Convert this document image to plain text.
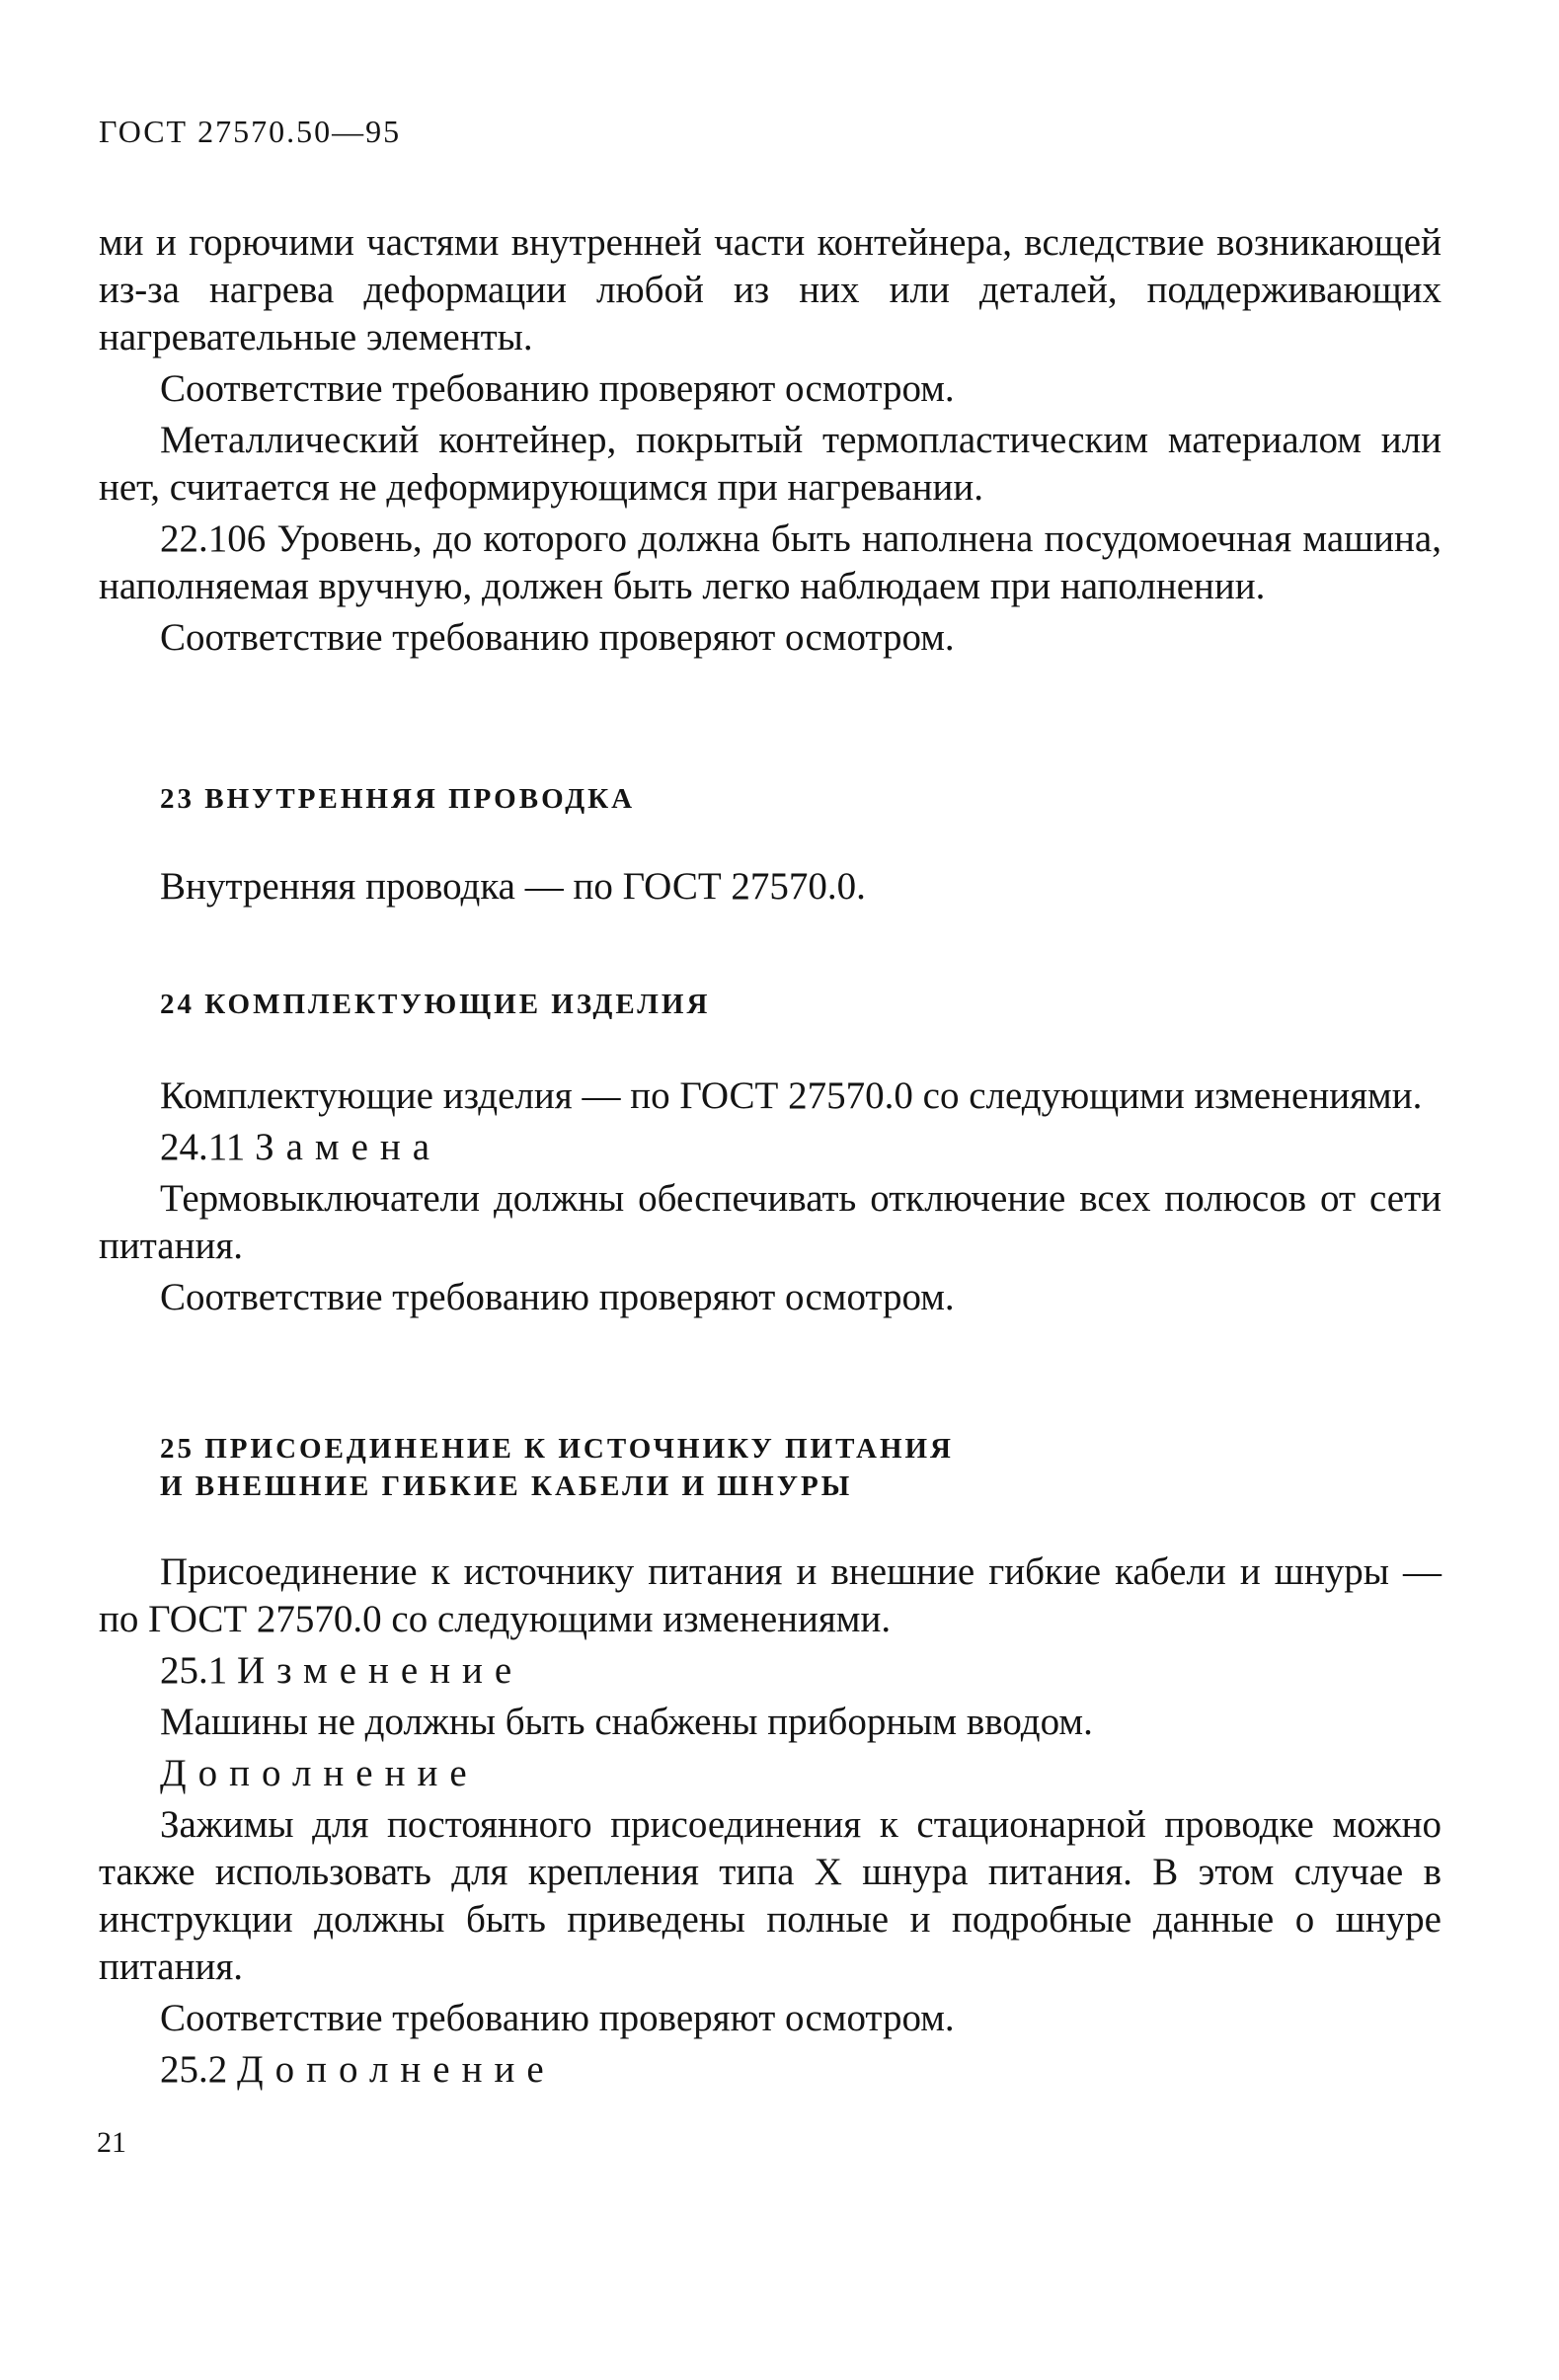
ГОСТ 27570.50—95

ми и горючими частями внутренней части контейнера, вследствие возникающей из-за нагрева деформации любой из них или деталей, поддерживающих нагревательные элементы.

Соответствие требованию проверяют осмотром.

Металлический контейнер, покрытый термопластическим материалом или нет, считается не деформирующимся при нагревании.

22.106 Уровень, до которого должна быть наполнена посудомоечная машина, наполняемая вручную, должен быть легко наблюдаем при наполнении.

Соответствие требованию проверяют осмотром.

23 ВНУТРЕННЯЯ ПРОВОДКА

Внутренняя проводка — по ГОСТ 27570.0.

24 КОМПЛЕКТУЮЩИЕ ИЗДЕЛИЯ

Комплектующие изделия — по ГОСТ 27570.0 со следующими изменениями.

24.11 Замена

Термовыключатели должны обеспечивать отключение всех полюсов от сети питания.

Соответствие требованию проверяют осмотром.

25 ПРИСОЕДИНЕНИЕ К ИСТОЧНИКУ ПИТАНИЯ
И ВНЕШНИЕ ГИБКИЕ КАБЕЛИ И ШНУРЫ

Присоединение к источнику питания и внешние гибкие кабели и шнуры — по ГОСТ 27570.0 со следующими изменениями.

25.1 Изменение

Машины не должны быть снабжены приборным вводом.

Дополнение

Зажимы для постоянного присоединения к стационарной проводке можно также использовать для крепления типа X шнура питания. В этом случае в инструкции должны быть приведены полные и подробные данные о шнуре питания.

Соответствие требованию проверяют осмотром.

25.2 Дополнение

21
